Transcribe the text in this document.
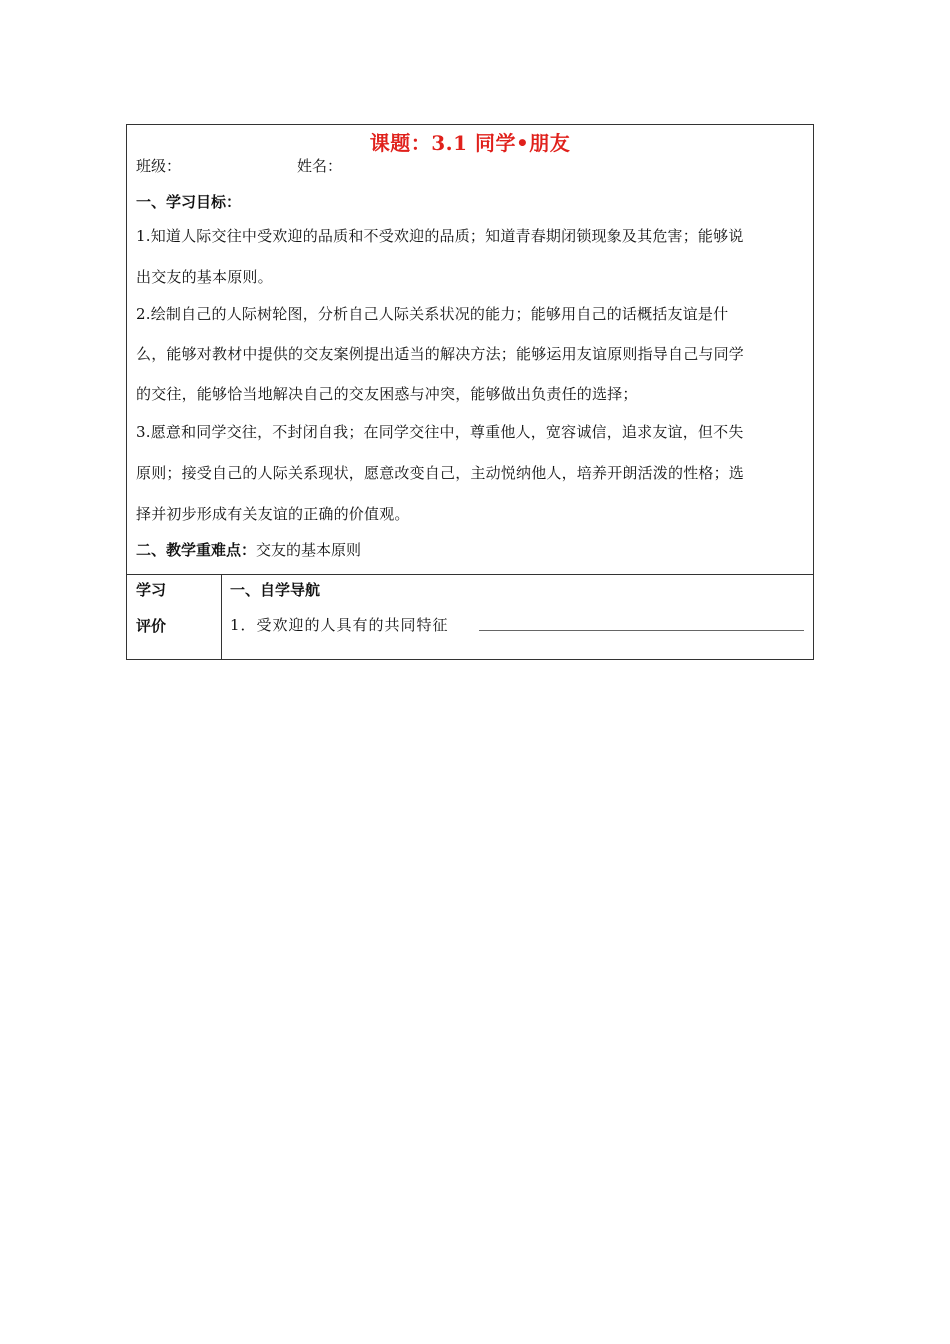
课题：3.1 同学•朋友
班级：	姓名：
一、学习目标：
1.知道人际交往中受欢迎的品质和不受欢迎的品质；知道青春期闭锁现象及其危害；能够说
出交友的基本原则。
2.绘制自己的人际树轮图，分析自己人际关系状况的能力；能够用自己的话概括友谊是什
么，能够对教材中提供的交友案例提出适当的解决方法；能够运用友谊原则指导自己与同学
的交往，能够恰当地解决自己的交友困惑与冲突，能够做出负责任的选择；
3.愿意和同学交往，不封闭自我；在同学交往中，尊重他人，宽容诚信，追求友谊，但不失
原则；接受自己的人际关系现状，愿意改变自己，主动悦纳他人，培养开朗活泼的性格；选
择并初步形成有关友谊的正确的价值观。
二、教学重难点：交友的基本原则
学习
评价
一、自学导航
1．受欢迎的人具有的共同特征
